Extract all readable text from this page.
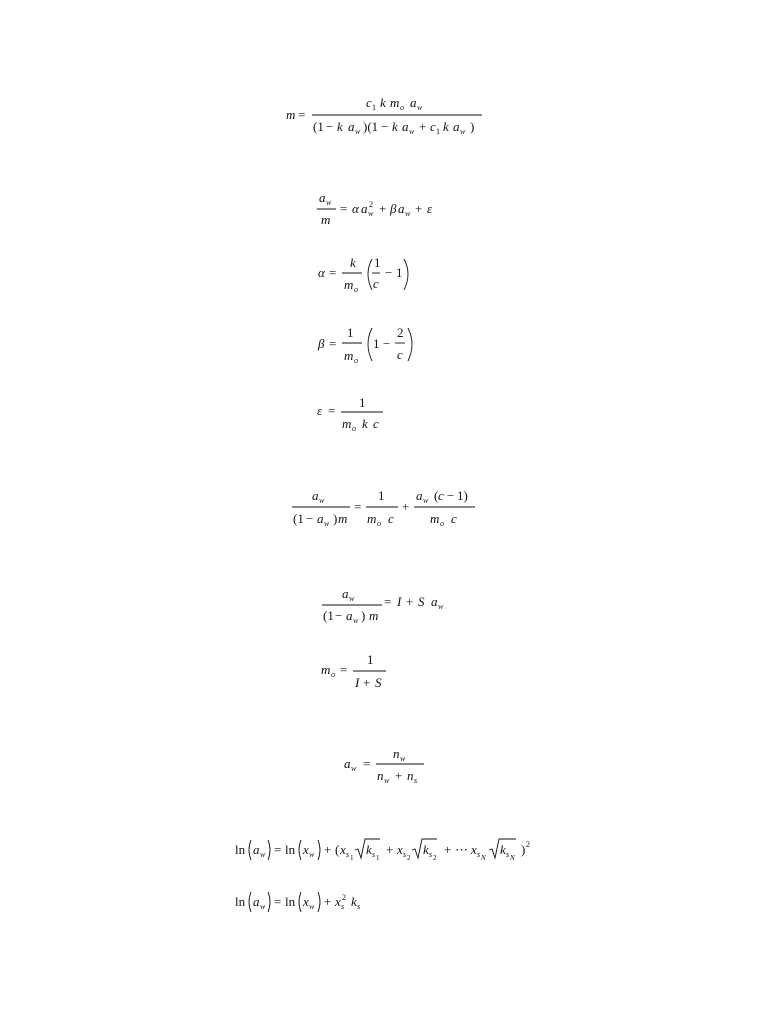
m =
c 1 k m o a w
(1 − k a w )(1 − k a w + c 1 k a w )
a w
m
= α a w
2 + β a w + ε
α =
k
m o
1
c
− 1
β =
1
m o
1 −
2
c
ε =
1
m o k c
a w
(1 − a w ) m
=
1
m o c
+
a w ( c − 1)
m o c
a w
(1 − a w ) m
= I + S a w
m o =
1
I + S
a w =
n w
n w + n s
ln a w = ln x w + ( x s 1
k s 1
+ x s 2
k s 2
+ ⋯ x s N
k s N
) 2
ln a w = ln x w + x s
2 k s
